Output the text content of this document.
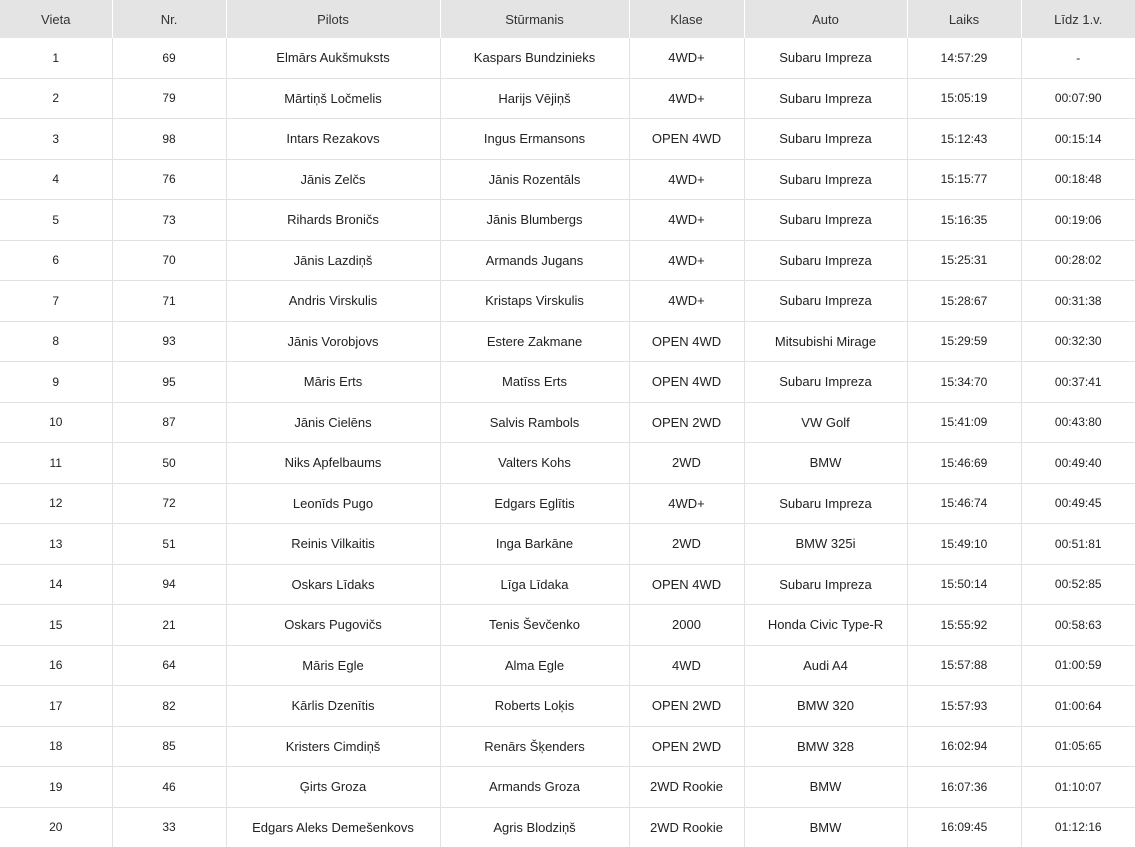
Vieta	Nr.	Pilots	Stūrmanis	Klase	Auto	Laiks	Līdz 1.v.
1	69	Elmārs Aukšmuksts	Kaspars Bundzinieks	4WD+	Subaru Impreza	14:57:29	-
2	79	Mārtiņš Ločmelis	Harijs Vējiņš	4WD+	Subaru Impreza	15:05:19	00:07:90
3	98	Intars Rezakovs	Ingus Ermansons	OPEN 4WD	Subaru Impreza	15:12:43	00:15:14
4	76	Jānis Zelčs	Jānis Rozentāls	4WD+	Subaru Impreza	15:15:77	00:18:48
5	73	Rihards Broničs	Jānis Blumbergs	4WD+	Subaru Impreza	15:16:35	00:19:06
6	70	Jānis Lazdiņš	Armands Jugans	4WD+	Subaru Impreza	15:25:31	00:28:02
7	71	Andris Virskulis	Kristaps Virskulis	4WD+	Subaru Impreza	15:28:67	00:31:38
8	93	Jānis Vorobjovs	Estere Zakmane	OPEN 4WD	Mitsubishi Mirage	15:29:59	00:32:30
9	95	Māris Erts	Matīss Erts	OPEN 4WD	Subaru Impreza	15:34:70	00:37:41
10	87	Jānis Cielēns	Salvis Rambols	OPEN 2WD	VW Golf	15:41:09	00:43:80
11	50	Niks Apfelbaums	Valters Kohs	2WD	BMW	15:46:69	00:49:40
12	72	Leonīds Pugo	Edgars Eglītis	4WD+	Subaru Impreza	15:46:74	00:49:45
13	51	Reinis Vilkaitis	Inga Barkāne	2WD	BMW 325i	15:49:10	00:51:81
14	94	Oskars Līdaks	Līga Līdaka	OPEN 4WD	Subaru Impreza	15:50:14	00:52:85
15	21	Oskars Pugovičs	Tenis Ševčenko	2000	Honda Civic Type-R	15:55:92	00:58:63
16	64	Māris Egle	Alma Egle	4WD	Audi A4	15:57:88	01:00:59
17	82	Kārlis Dzenītis	Roberts Loķis	OPEN 2WD	BMW 320	15:57:93	01:00:64
18	85	Kristers Cimdiņš	Renārs Šķenders	OPEN 2WD	BMW 328	16:02:94	01:05:65
19	46	Ģirts Groza	Armands Groza	2WD Rookie	BMW	16:07:36	01:10:07
20	33	Edgars Aleks Demešenkovs	Agris Blodziņš	2WD Rookie	BMW	16:09:45	01:12:16
